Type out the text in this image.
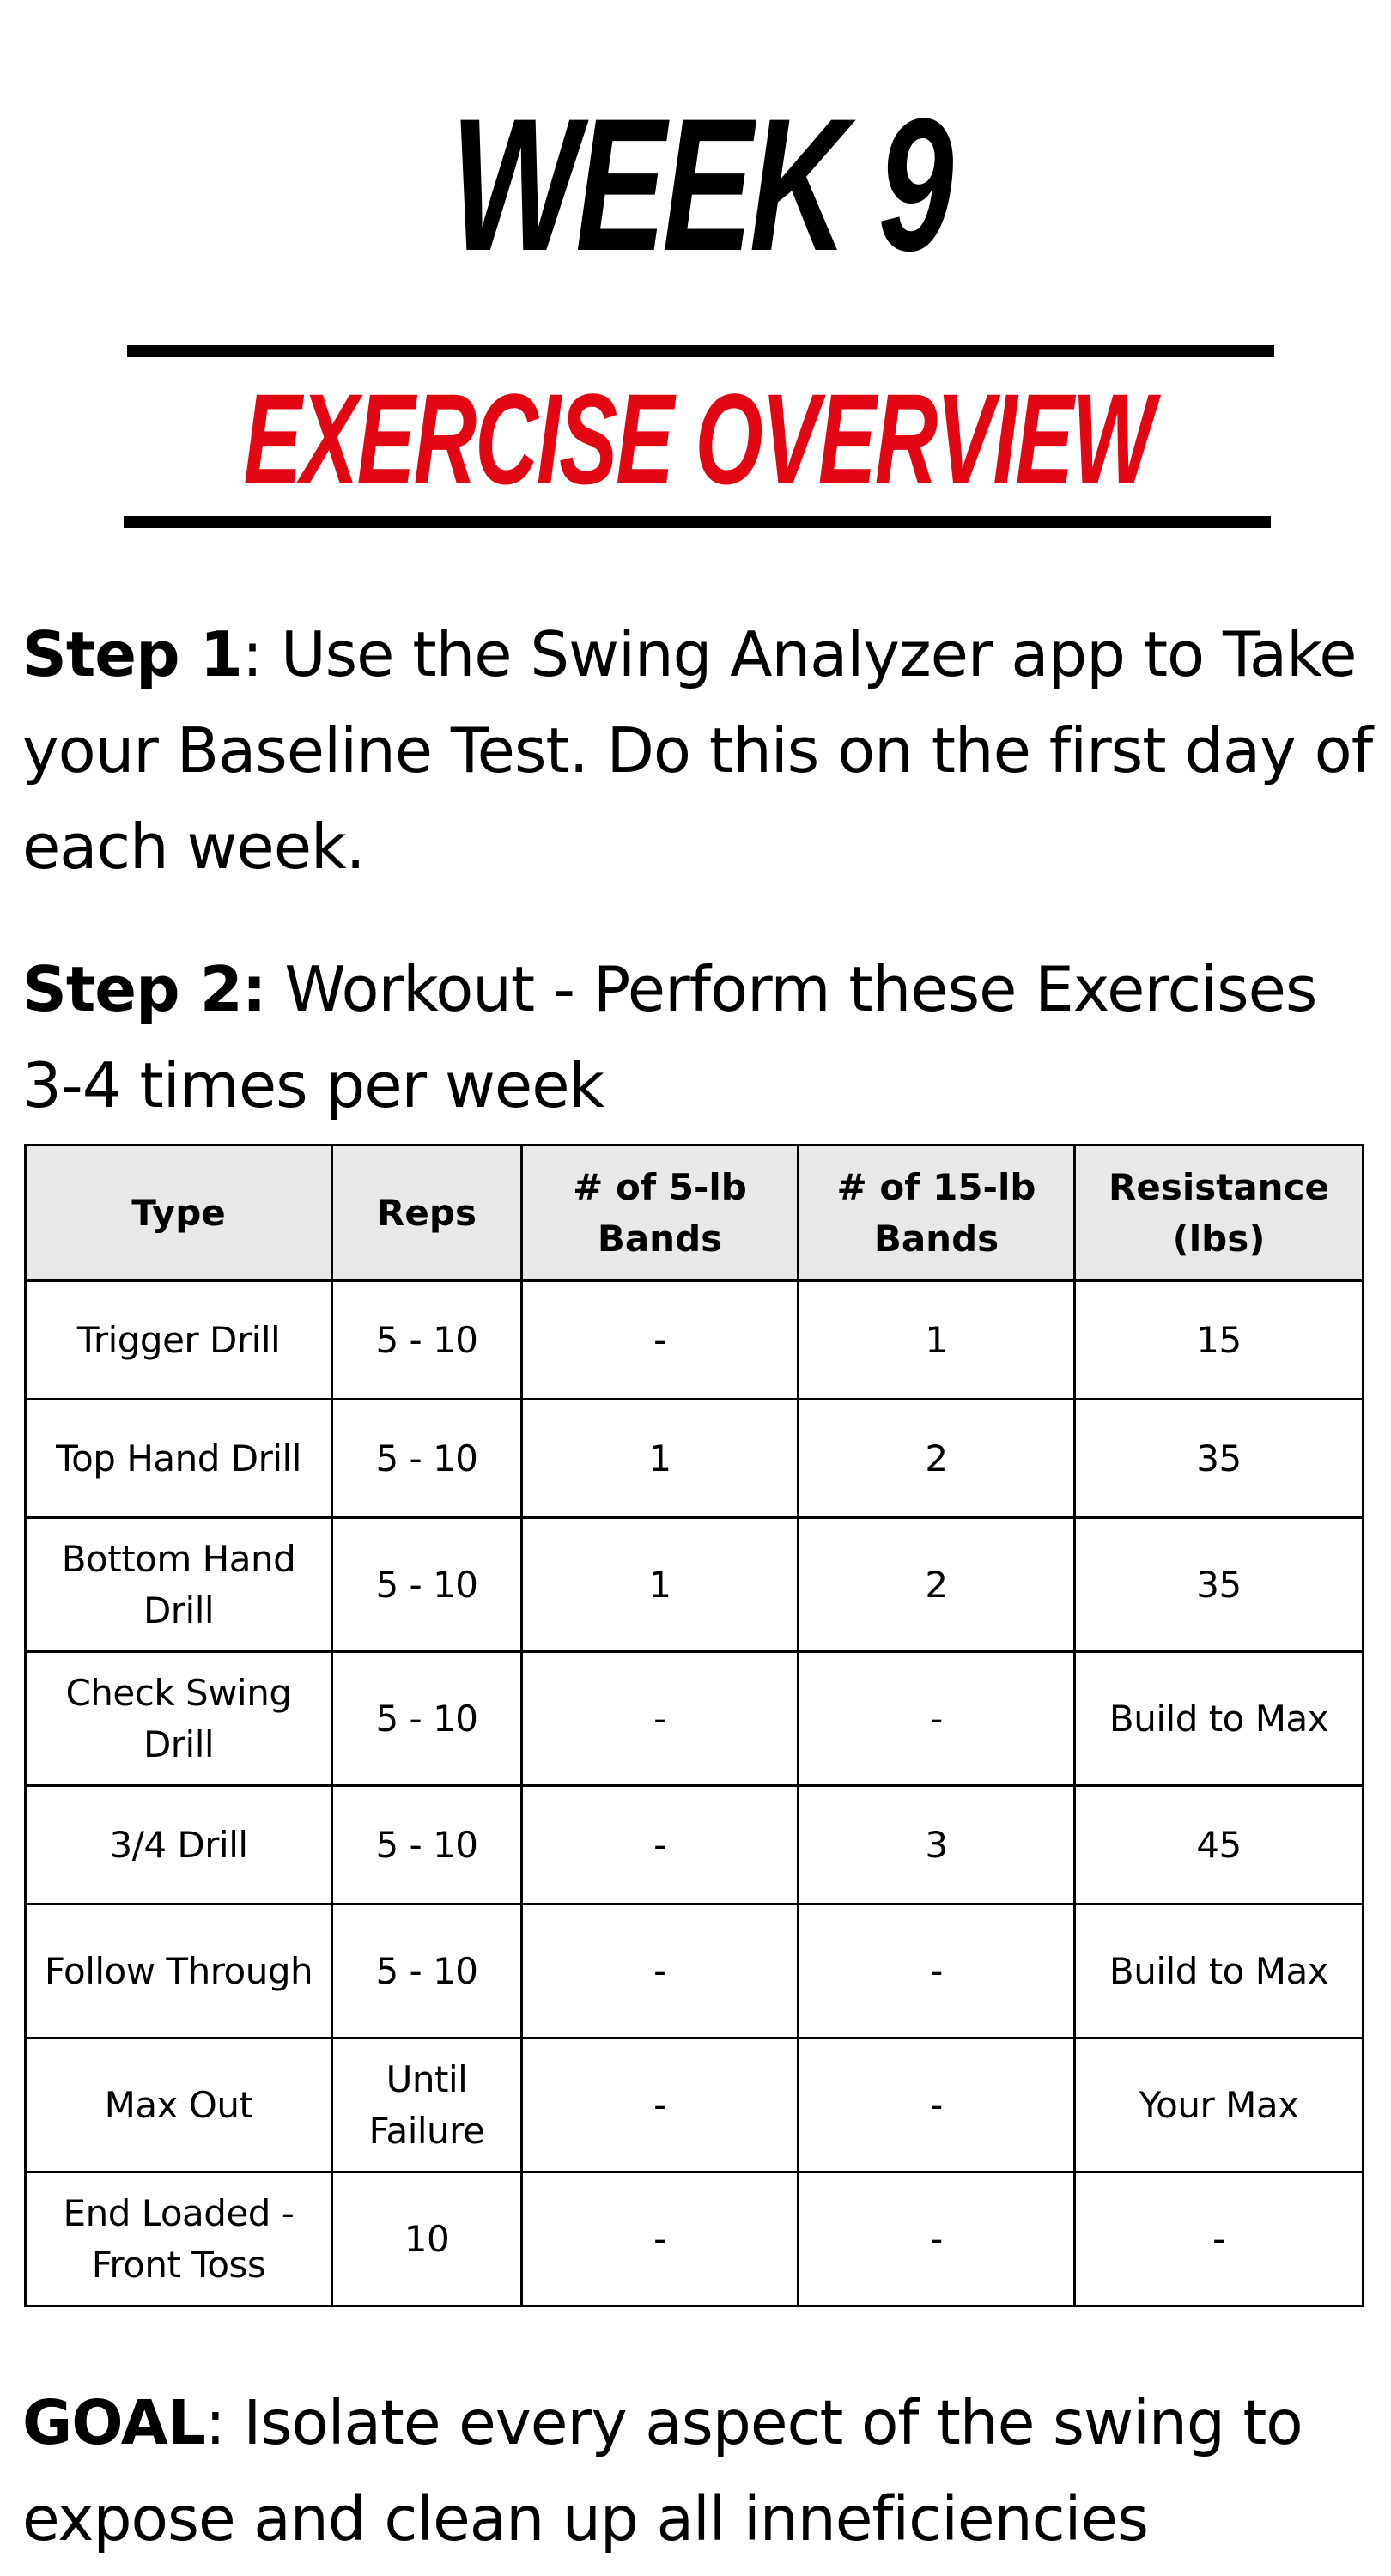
WEEK 9
EXERCISE OVERVIEW
Step 1: Use the Swing Analyzer app to Take your Baseline Test. Do this on the first day of each week.
Step 2: Workout - Perform these Exercises 3-4 times per week
Type	Reps	# of 5-lb Bands	# of 15-lb Bands	Resistance (lbs)
Trigger Drill	5 - 10	-	1	15
Top Hand Drill	5 - 10	1	2	35
Bottom Hand Drill	5 - 10	1	2	35
Check Swing Drill	5 - 10	-	-	Build to Max
3/4 Drill	5 - 10	-	3	45
Follow Through	5 - 10	-	-	Build to Max
Max Out	Until Failure	-	-	Your Max
End Loaded - Front Toss	10	-	-	-
GOAL: Isolate every aspect of the swing to expose and clean up all inneficiencies
